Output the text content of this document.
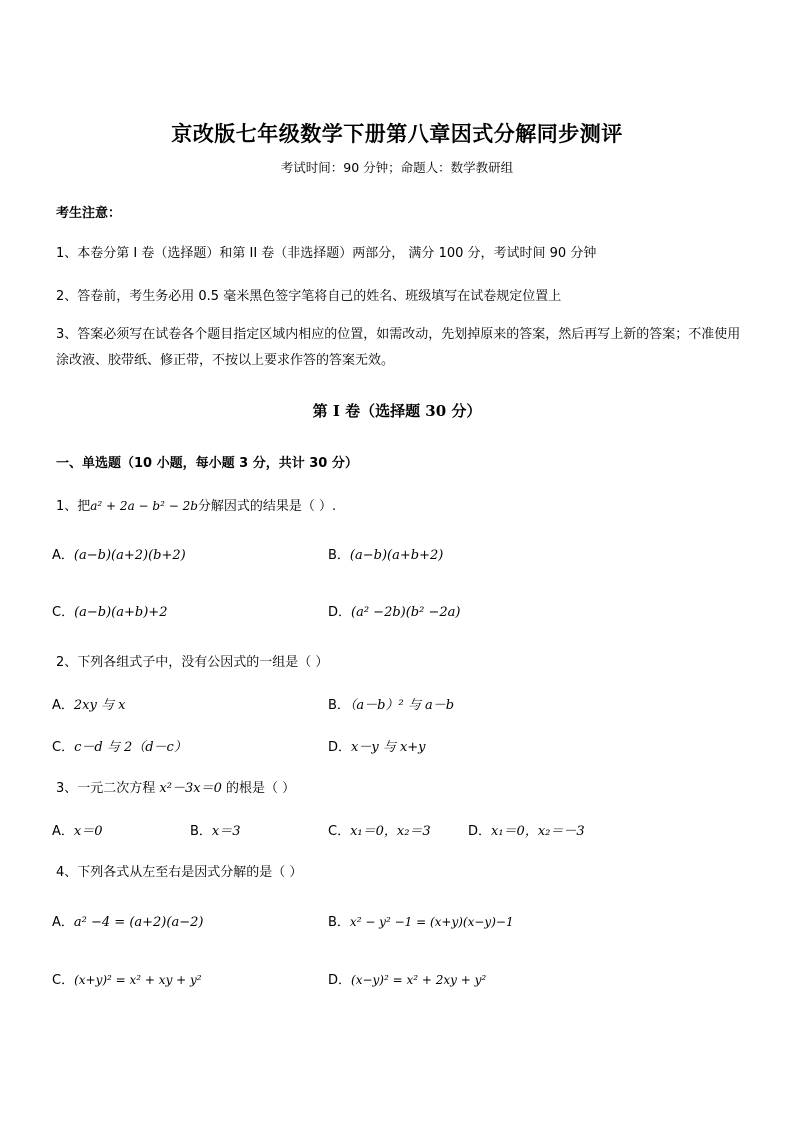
京改版七年级数学下册第八章因式分解同步测评
考试时间：90 分钟；命题人：数学教研组
考生注意：
1、本卷分第 I 卷（选择题）和第 II 卷（非选择题）两部分， 满分 100 分，考试时间 90 分钟
2、答卷前，考生务必用 0.5 毫米黑色签字笔将自己的姓名、班级填写在试卷规定位置上
3、答案必须写在试卷各个题目指定区域内相应的位置，如需改动，先划掉原来的答案，然后再写上新的答案；不准使用涂改液、胶带纸、修正带，不按以上要求作答的答案无效。
第 I 卷（选择题 30 分）
一、单选题（10 小题，每小题 3 分，共计 30 分）
1、把a² + 2a − b² − 2b分解因式的结果是（ ）.
A．(a−b)(a+2)(b+2)	B．(a−b)(a+b+2)
C．(a−b)(a+b)+2	D．(a² −2b)(b² −2a)
2、下列各组式子中，没有公因式的一组是（ ）
A．2xy 与 x	B．（a－b）² 与 a－b
C．c－d 与 2（d－c）	D．x－y 与 x+y
3、一元二次方程 x²－3x＝0 的根是（ ）
A．x＝0	B．x＝3	C．x₁＝0，x₂＝3	D．x₁＝0，x₂＝－3
4、下列各式从左至右是因式分解的是（ ）
A．a² −4 = (a+2)(a−2)	B．x² − y² −1 = (x+y)(x−y)−1
C．(x+y)² = x² + xy + y²	D．(x−y)² = x² + 2xy + y²
